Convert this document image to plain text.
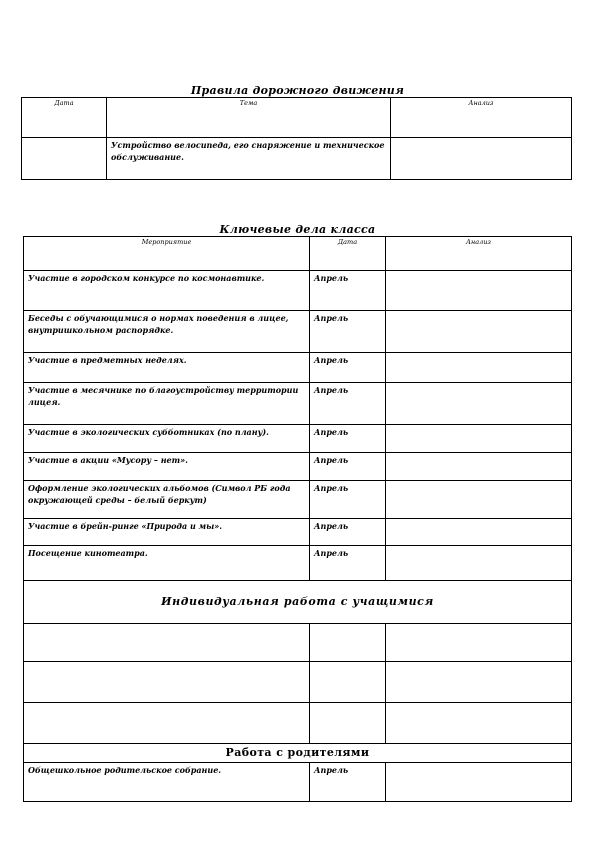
Правила дорожного движения
Дата	Тема	Анализ
	Устройство велосипеда, его снаряжение и техническое обслуживание.	
Ключевые дела класса
Мероприятие	Дата	Анализ
Участие в городском конкурсе по космонавтике.	Апрель	
Беседы с обучающимися о нормах поведения в лицее, внутришкольном распорядке.	Апрель	
Участие в предметных неделях.	Апрель	
Участие в месячнике по благоустройству территории лицея.	Апрель	
Участие в экологических субботниках (по плану).	Апрель	
Участие в акции «Мусору – нет».	Апрель	
Оформление экологических альбомов (Символ РБ года окружающей среды – белый беркут)	Апрель	
Участие в брейн-ринге «Природа и мы».	Апрель	
Посещение кинотеатра.	Апрель	
Индивидуальная работа с учащимися		

Работа с родителями		
Общешкольное родительское собрание.	Апрель	
